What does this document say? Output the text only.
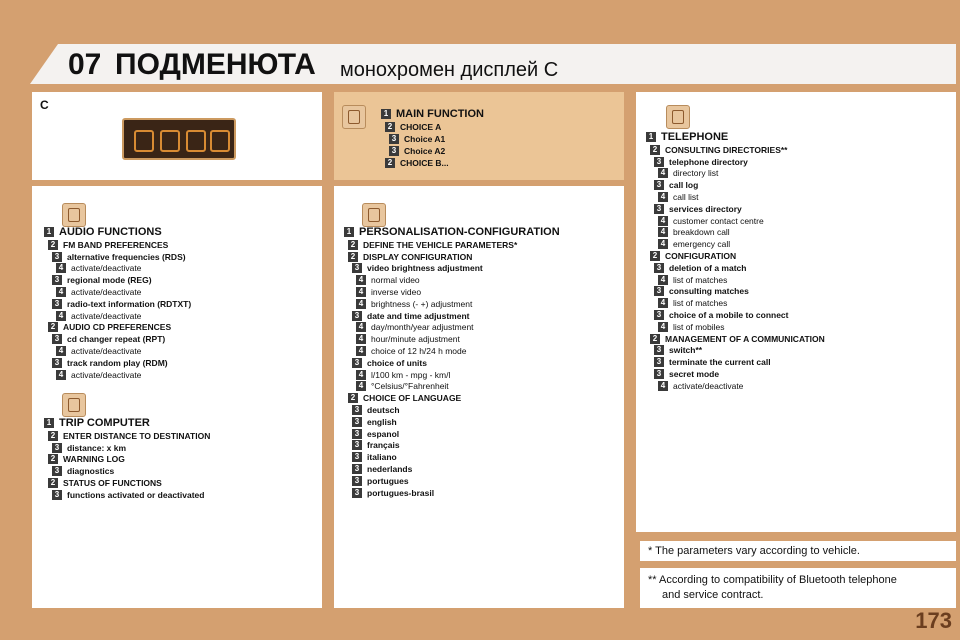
07 ПОДМЕНЮТА монохромен дисплей С
C
* The parameters vary according to vehicle.
** According to compatibility of Bluetooth telephone
and service contract.
173
1 MAIN FUNCTION
2 CHOICE A
3 Choice A1
3 Choice A2
2 CHOICE B...
1 AUDIO FUNCTIONS
2 FM BAND PREFERENCES
3 alternative frequencies (RDS)
4 activate/deactivate
3 regional mode (REG)
4 activate/deactivate
3 radio-text information (RDTXT)
4 activate/deactivate
2 AUDIO CD PREFERENCES
3 cd changer repeat (RPT)
4 activate/deactivate
3 track random play (RDM)
4 activate/deactivate
1 TRIP COMPUTER
2 ENTER DISTANCE TO DESTINATION
3 distance: x km
2 WARNING LOG
3 diagnostics
2 STATUS OF FUNCTIONS
3 functions activated or deactivated
1 PERSONALISATION-CONFIGURATION
2 DEFINE THE VEHICLE PARAMETERS*
2 DISPLAY CONFIGURATION
3 video brightness adjustment
4 normal video
4 inverse video
4 brightness (- +) adjustment
3 date and time adjustment
4 day/month/year adjustment
4 hour/minute adjustment
4 choice of 12 h/24 h mode
3 choice of units
4 l/100 km - mpg - km/l
4 °Celsius/°Fahrenheit
2 CHOICE OF LANGUAGE
3 deutsch
3 english
3 espanol
3 français
3 italiano
3 nederlands
3 portugues
3 portugues-brasil
1 TELEPHONE
2 CONSULTING DIRECTORIES**
3 telephone directory
4 directory list
3 call log
4 call list
3 services directory
4 customer contact centre
4 breakdown call
4 emergency call
2 CONFIGURATION
3 deletion of a match
4 list of matches
3 consulting matches
4 list of matches
3 choice of a mobile to connect
4 list of mobiles
2 MANAGEMENT OF A COMMUNICATION
3 switch**
3 terminate the current call
3 secret mode
4 activate/deactivate
